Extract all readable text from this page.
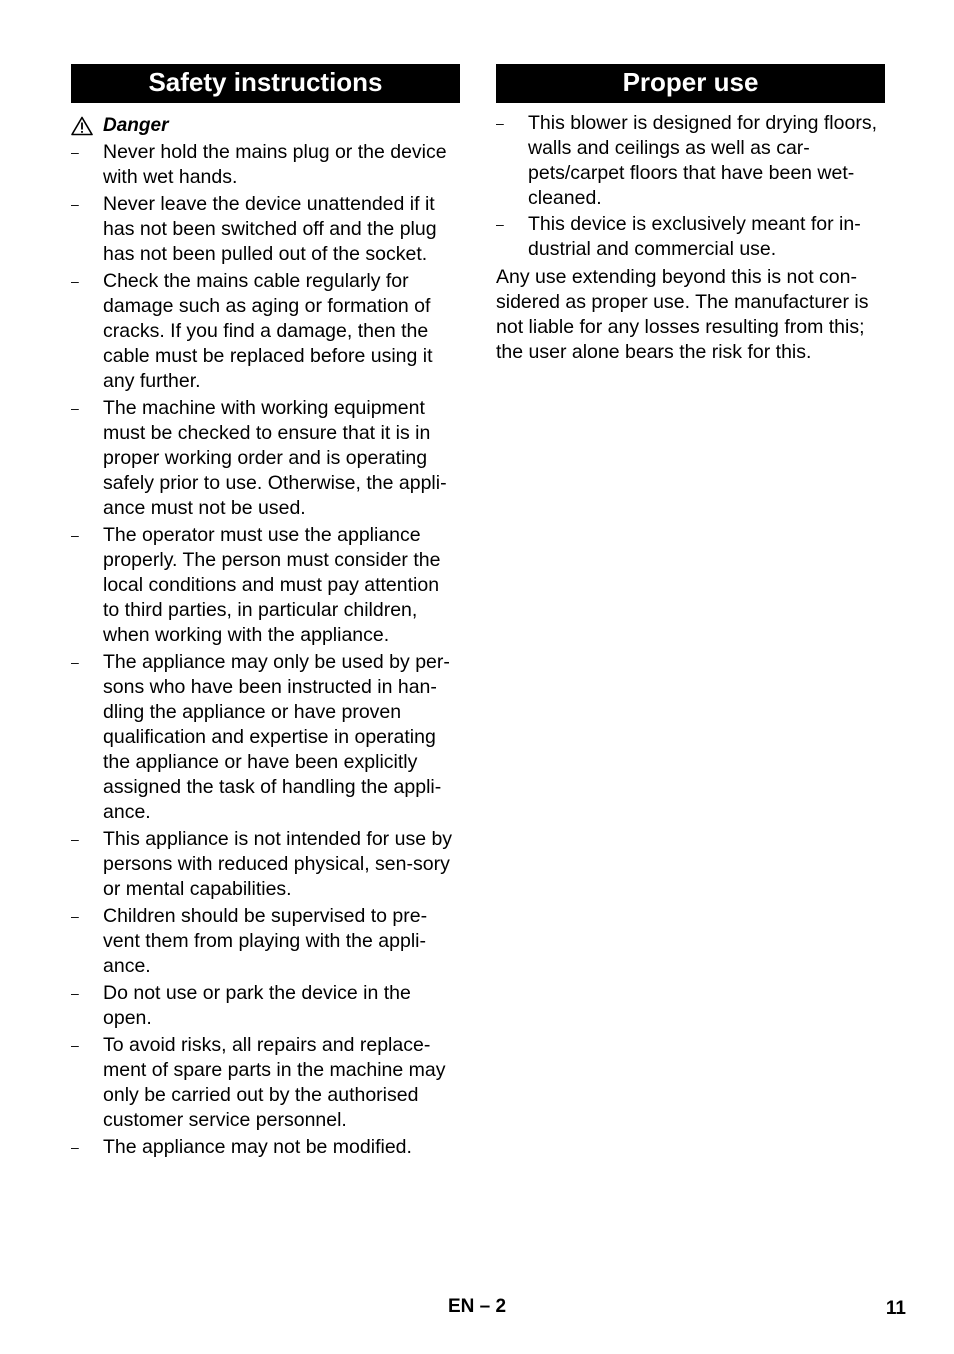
Safety instructions
Danger
–	Never hold the mains plug or the device with wet hands.
–	Never leave the device unattended if it has not been switched off and the plug has not been pulled out of the socket.
–	Check the mains cable regularly for damage such as aging or formation of cracks. If you find a damage, then the cable must be replaced before using it any further.
–	The machine with working equipment must be checked to ensure that it is in proper working order and is operating safely prior to use. Otherwise, the appli-ance must not be used.
–	The operator must use the appliance properly. The person must consider the local conditions and must pay attention to third parties, in particular children, when working with the appliance.
–	The appliance may only be used by per-sons who have been instructed in han-dling the appliance or have proven qualification and expertise in operating the appliance or have been explicitly assigned the task of handling the appli-ance.
–	This appliance is not intended for use by persons with reduced physical, sen-sory or mental capabilities.
–	Children should be supervised to pre-vent them from playing with the appli-ance.
–	Do not use or park the device in the open.
–	To avoid risks, all repairs and replace-ment of spare parts in the machine may only be carried out by the authorised customer service personnel.
–	The appliance may not be modified.
Proper use
–	This blower is designed for drying floors, walls and ceilings as well as car-pets/carpet floors that have been wet-cleaned.
–	This device is exclusively meant for in-dustrial and commercial use.

Any use extending beyond this is not con-sidered as proper use. The manufacturer is not liable for any losses resulting from this; the user alone bears the risk for this.

EN – 2	11
